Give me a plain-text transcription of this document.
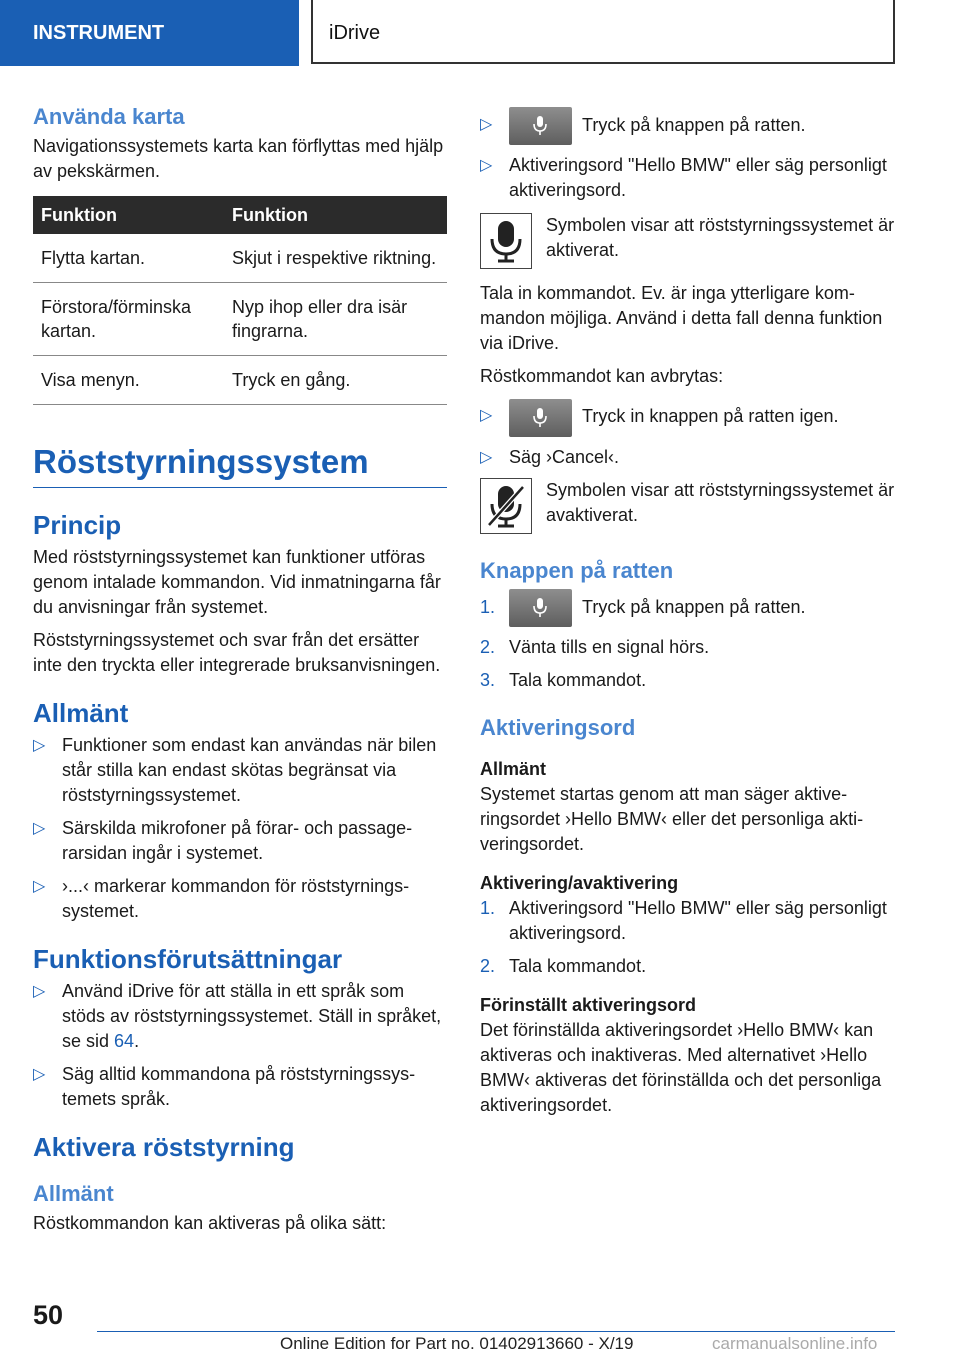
INSTRUMENT	iDrive
Använda karta

Navigationssystemets karta kan förflyttas med hjälp av pekskärmen.

Funktion	Funktion
Flytta kartan.	Skjut i respektive riktning.
Förstora/förminska kartan.	Nyp ihop eller dra isär fingrarna.
Visa menyn.	Tryck en gång.
Röststyrningssystem
Princip

Med röststyrningssystemet kan funktioner utföras genom intalade kommandon. Vid inmatningarna får du anvisningar från systemet.

Röststyrningssystemet och svar från det ersätter inte den tryckta eller integrerade bruksanvisningen.

Allmänt
▷ Funktioner som endast kan användas när bilen står stilla kan endast skötas begränsat via röststyrningssystemet.
▷ Särskilda mikrofoner på förar- och passagerarsidan ingår i systemet.
▷ ›...‹ markerar kommandon för röststyrningssystemet.
Funktionsförutsättningar
▷ Använd iDrive för att ställa in ett språk som stöds av röststyrningssystemet. Ställ in språket, se sid 64.
▷ Säg alltid kommandona på röststyrningssystemets språk.
Aktivera röststyrning
Allmänt

Röstkommandon kan aktiveras på olika sätt:

▷	Tryck på knappen på ratten.
▷ Aktiveringsord "Hello BMW" eller säg personligt aktiveringsord.
Symbolen visar att röststyrningssystemet är aktiverat.

Tala in kommandot. Ev. är inga ytterligare kommandon möjliga. Använd i detta fall denna funktion via iDrive.

Röstkommandot kan avbrytas:

▷	Tryck in knappen på ratten igen.
▷ Säg ›Cancel‹.
Symbolen visar att röststyrningssystemet är avaktiverat.
Knappen på ratten
1.	Tryck på knappen på ratten.
2. Vänta tills en signal hörs.
3. Tala kommandot.
Aktiveringsord
Allmänt

Systemet startas genom att man säger aktiveringsordet ›Hello BMW‹ eller det personliga aktiveringsordet.

Aktivering/avaktivering
1. Aktiveringsord "Hello BMW" eller säg personligt aktiveringsord.
2. Tala kommandot.
Förinställt aktiveringsord

Det förinställda aktiveringsordet ›Hello BMW‹ kan aktiveras och inaktiveras. Med alternativet ›Hello BMW‹ aktiveras det förinställda och det personliga aktiveringsordet.

50
Online Edition for Part no. 01402913660 - X/19	carmanualsonline.info
